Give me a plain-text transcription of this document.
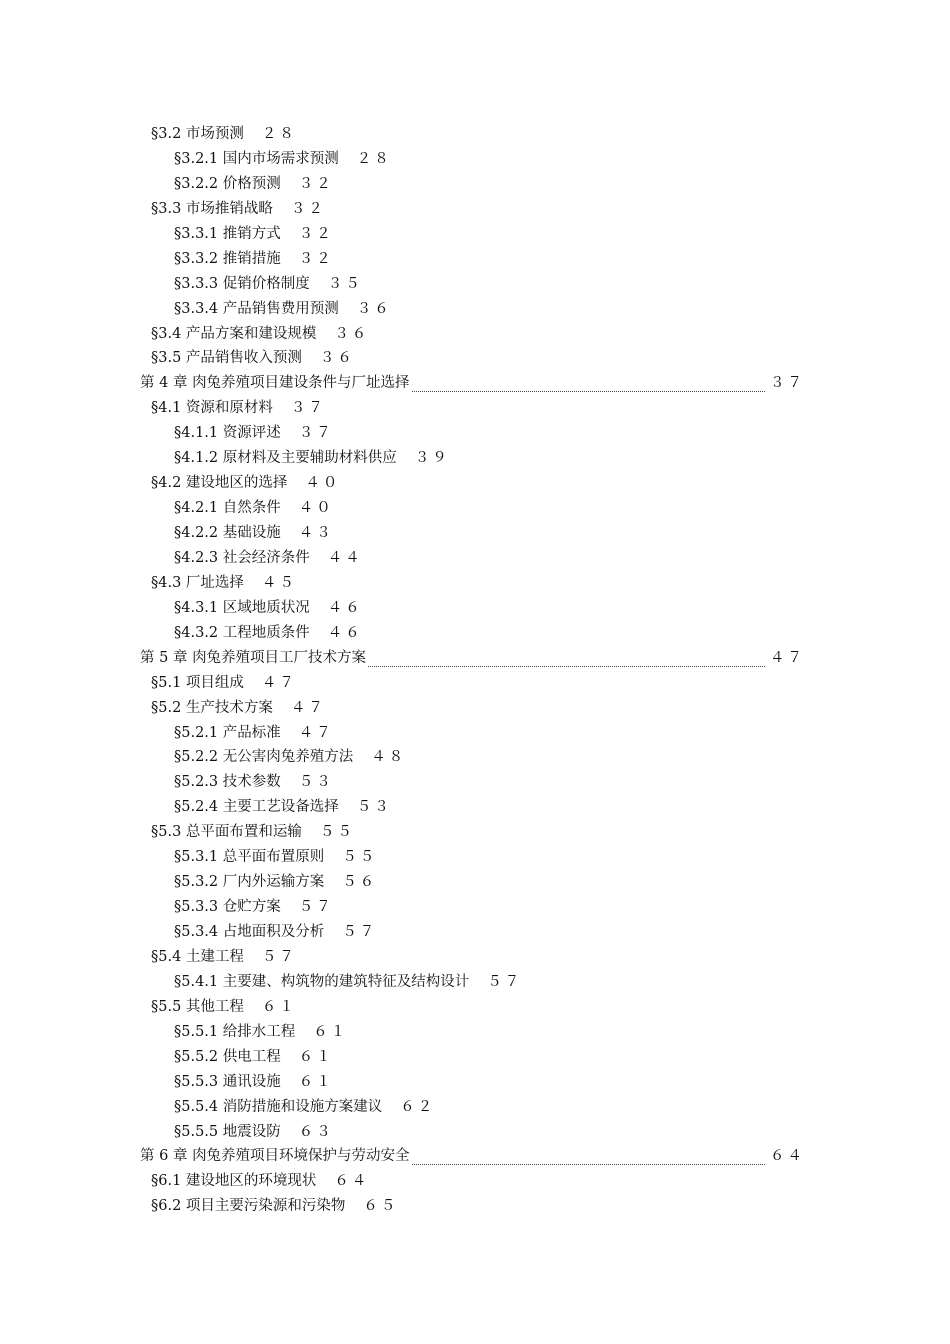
§3.2 市场预测 ２８
§3.2.1 国内市场需求预测 ２８
§3.2.2 价格预测 ３２
§3.3 市场推销战略 ３２
§3.3.1 推销方式 ３２
§3.3.2 推销措施 ３２
§3.3.3 促销价格制度 ３５
§3.3.4 产品销售费用预测 ３６
§3.4 产品方案和建设规模 ３６
§3.5 产品销售收入预测 ３６
第 4 章 肉兔养殖项目建设条件与厂址选择	３７
§4.1 资源和原材料 ３７
§4.1.1 资源评述 ３７
§4.1.2 原材料及主要辅助材料供应 ３９
§4.2 建设地区的选择 ４０
§4.2.1 自然条件 ４０
§4.2.2 基础设施 ４３
§4.2.3 社会经济条件 ４４
§4.3 厂址选择 ４５
§4.3.1 区域地质状况 ４６
§4.3.2 工程地质条件 ４６
第 5 章 肉兔养殖项目工厂技术方案	４７
§5.1 项目组成 ４７
§5.2 生产技术方案 ４７
§5.2.1 产品标准 ４７
§5.2.2 无公害肉兔养殖方法 ４８
§5.2.3 技术参数 ５３
§5.2.4 主要工艺设备选择 ５３
§5.3 总平面布置和运输 ５５
§5.3.1 总平面布置原则 ５５
§5.3.2 厂内外运输方案 ５６
§5.3.3 仓贮方案 ５７
§5.3.4 占地面积及分析 ５７
§5.4 土建工程 ５７
§5.4.1 主要建、构筑物的建筑特征及结构设计 ５７
§5.5 其他工程 ６１
§5.5.1 给排水工程 ６１
§5.5.2 供电工程 ６１
§5.5.3 通讯设施 ６１
§5.5.4 消防措施和设施方案建议 ６２
§5.5.5 地震设防 ６３
第 6 章 肉兔养殖项目环境保护与劳动安全	６４
§6.1 建设地区的环境现状 ６４
§6.2 项目主要污染源和污染物 ６５
